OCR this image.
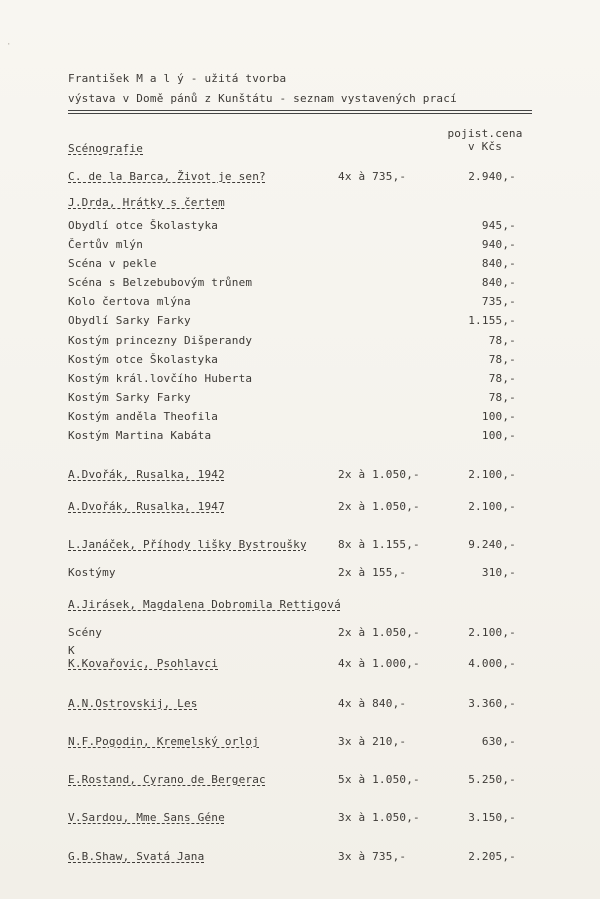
·
František M a l ý - užitá tvorba
výstava v Domě pánů z Kunštátu - seznam vystavených prací
pojist.cena
v Kčs
Scénografie
C. de la Barca, Život je sen?	4x à 735,-	2.940,-
J.Drda, Hrátky s čertem
Obydlí otce Školastyka	945,-
Čertův mlýn	940,-
Scéna v pekle	840,-
Scéna s Belzebubovým trůnem	840,-
Kolo čertova mlýna	735,-
Obydlí Sarky Farky	1.155,-
Kostým princezny Dišperandy	78,-
Kostým otce Školastyka	78,-
Kostým král.lovčího Huberta	78,-
Kostým Sarky Farky	78,-
Kostým anděla Theofila	100,-
Kostým Martina Kabáta	100,-
A.Dvořák, Rusalka, 1942	2x à 1.050,-	2.100,-
A.Dvořák, Rusalka, 1947	2x à 1.050,-	2.100,-
L.Janáček, Příhody lišky Bystroušky	8x à 1.155,-	9.240,-
Kostýmy	2x à 155,-	310,-
A.Jirásek, Magdalena Dobromila Rettigová
Scény	2x à 1.050,-	2.100,-
K
K.Kovařovic, Psohlavci	4x à 1.000,-	4.000,-
A.N.Ostrovskij, Les	4x à 840,-	3.360,-
N.F.Pogodin, Kremelský orloj	3x à 210,-	630,-
E.Rostand, Cyrano de Bergerac	5x à 1.050,-	5.250,-
V.Sardou, Mme Sans Géne	3x à 1.050,-	3.150,-
G.B.Shaw, Svatá Jana	3x à 735,-	2.205,-
